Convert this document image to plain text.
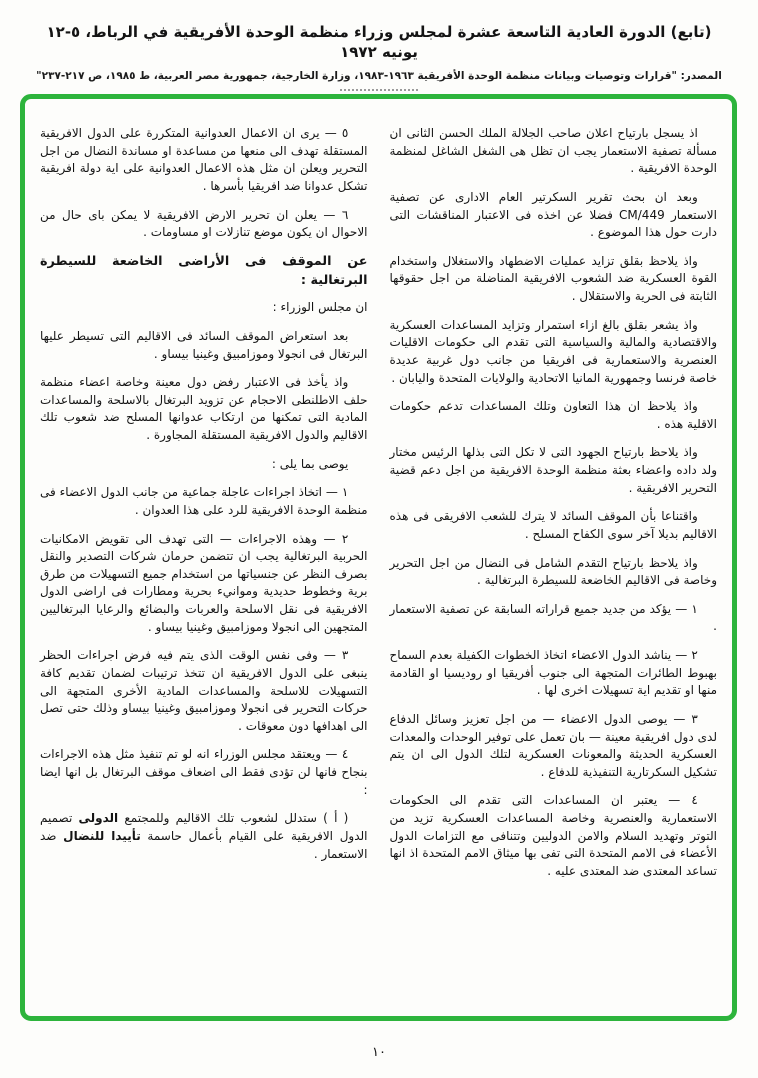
(تابع) الدورة العادية التاسعة عشرة لمجلس وزراء منظمة الوحدة الأفريقية في الرباط، ٥-١٢ يونيه ١٩٧٢
المصدر: "قرارات وتوصيات وبيانات منظمة الوحدة الأفريقية ١٩٦٣-١٩٨٣، وزارة الخارجية، جمهورية مصر العربية، ط ١٩٨٥، ص ٢١٧-٢٣٧"

اذ يسجل بارتياح اعلان صاحب الجلالة الملك الحسن الثانى ان مسألة تصفية الاستعمار يجب ان تظل هى الشغل الشاغل لمنظمة الوحدة الافريقية .

وبعد ان بحث تقرير السكرتير العام الادارى عن تصفية الاستعمار CM/449 فضلا عن اخذه فى الاعتبار المناقشات التى دارت حول هذا الموضوع .

واذ يلاحظ بقلق تزايد عمليات الاضطهاد والاستغلال واستخدام القوة العسكرية ضد الشعوب الافريقية المناضلة من اجل حقوقها الثابتة فى الحرية والاستقلال .

واذ يشعر بقلق بالغ ازاء استمرار وتزايد المساعدات العسكرية والاقتصادية والمالية والسياسية التى تقدم الى حكومات الاقليات العنصرية والاستعمارية فى افريقيا من جانب دول غربية عديدة خاصة فرنسا وجمهورية المانيا الاتحادية والولايات المتحدة واليابان .

واذ يلاحظ ان هذا التعاون وتلك المساعدات تدعم حكومات الاقلية هذه .

واذ يلاحظ بارتياح الجهود التى لا تكل التى بذلها الرئيس مختار ولد داده واعضاء بعثة منظمة الوحدة الافريقية من اجل دعم قضية التحرير الافريقية .

واقتناعا بأن الموقف السائد لا يترك للشعب الافريقى فى هذه الاقاليم بديلا آخر سوى الكفاح المسلح .

واذ يلاحظ بارتياح التقدم الشامل فى النضال من اجل التحرير وخاصة فى الاقاليم الخاضعة للسيطرة البرتغالية .

١ — يؤكد من جديد جميع قراراته السابقة عن تصفية الاستعمار .

٢ — يناشد الدول الاعضاء اتخاذ الخطوات الكفيلة بعدم السماح بهبوط الطائرات المتجهة الى جنوب أفريقيا او روديسيا او القادمة منها او تقديم اية تسهيلات اخرى لها .

٣ — يوصى الدول الاعضاء — من اجل تعزيز وسائل الدفاع لدى دول افريقية معينة — بان تعمل على توفير الوحدات والمعدات العسكرية الحديثة والمعونات العسكرية لتلك الدول الى ان يتم تشكيل السكرتارية التنفيذية للدفاع .

٤ — يعتبر ان المساعدات التى تقدم الى الحكومات الاستعمارية والعنصرية وخاصة المساعدات العسكرية تزيد من التوتر وتهديد السلام والامن الدوليين وتتنافى مع التزامات الدول الأعضاء فى الامم المتحدة التى تفى بها ميثاق الامم المتحدة اذ انها تساعد المعتدى ضد المعتدى عليه .

٥ — يرى ان الاعمال العدوانية المتكررة على الدول الافريقية المستقلة تهدف الى منعها من مساعدة او مساندة النضال من اجل التحرير ويعلن ان مثل هذه الاعمال العدوانية على اية دولة افريقية تشكل عدوانا ضد افريقيا بأسرها .

٦ — يعلن ان تحرير الارض الافريقية لا يمكن باى حال من الاحوال ان يكون موضع تنازلات او مساومات .

عن الموقف فى الأراضى الخاضعة للسيطرة البرتغالية :

ان مجلس الوزراء :

بعد استعراض الموقف السائد فى الاقاليم التى تسيطر عليها البرتغال فى انجولا وموزامبيق وغينيا بيساو .

واذ يأخذ فى الاعتبار رفض دول معينة وخاصة اعضاء منظمة حلف الاطلنطى الاحجام عن تزويد البرتغال بالاسلحة والمساعدات المادية التى تمكنها من ارتكاب عدوانها المسلح ضد شعوب تلك الاقاليم والدول الافريقية المستقلة المجاورة .

يوصى بما يلى :

١ — اتخاذ اجراءات عاجلة جماعية من جانب الدول الاعضاء فى منظمة الوحدة الافريقية للرد على هذا العدوان .

٢ — وهذه الاجراءات — التى تهدف الى تقويض الامكانيات الحربية البرتغالية يجب ان تتضمن حرمان شركات التصدير والنقل بصرف النظر عن جنسياتها من استخدام جميع التسهيلات من طرق برية وخطوط حديدية وموانيء بحرية ومطارات فى اراضى الدول الافريقية فى نقل الاسلحة والعربات والبضائع والرعايا البرتغاليين المتجهين الى انجولا وموزامبيق وغينيا بيساو .

٣ — وفى نفس الوقت الذى يتم فيه فرض اجراءات الحظر ينبغى على الدول الافريقية ان تتخذ ترتيبات لضمان تقديم كافة التسهيلات للاسلحة والمساعدات المادية الأخرى المتجهة الى حركات التحرير فى انجولا وموزامبيق وغينيا بيساو وذلك حتى تصل الى اهدافها دون معوقات .

٤ — ويعتقد مجلس الوزراء انه لو تم تنفيذ مثل هذه الاجراءات بنجاح فانها لن تؤدى فقط الى اضعاف موقف البرتغال بل انها ايضا :

( أ ) ستدلل لشعوب تلك الاقاليم وللمجتمع الدولى تصميم الدول الافريقية على القيام بأعمال حاسمة تأييدا للنضال ضد الاستعمار .

١٠
